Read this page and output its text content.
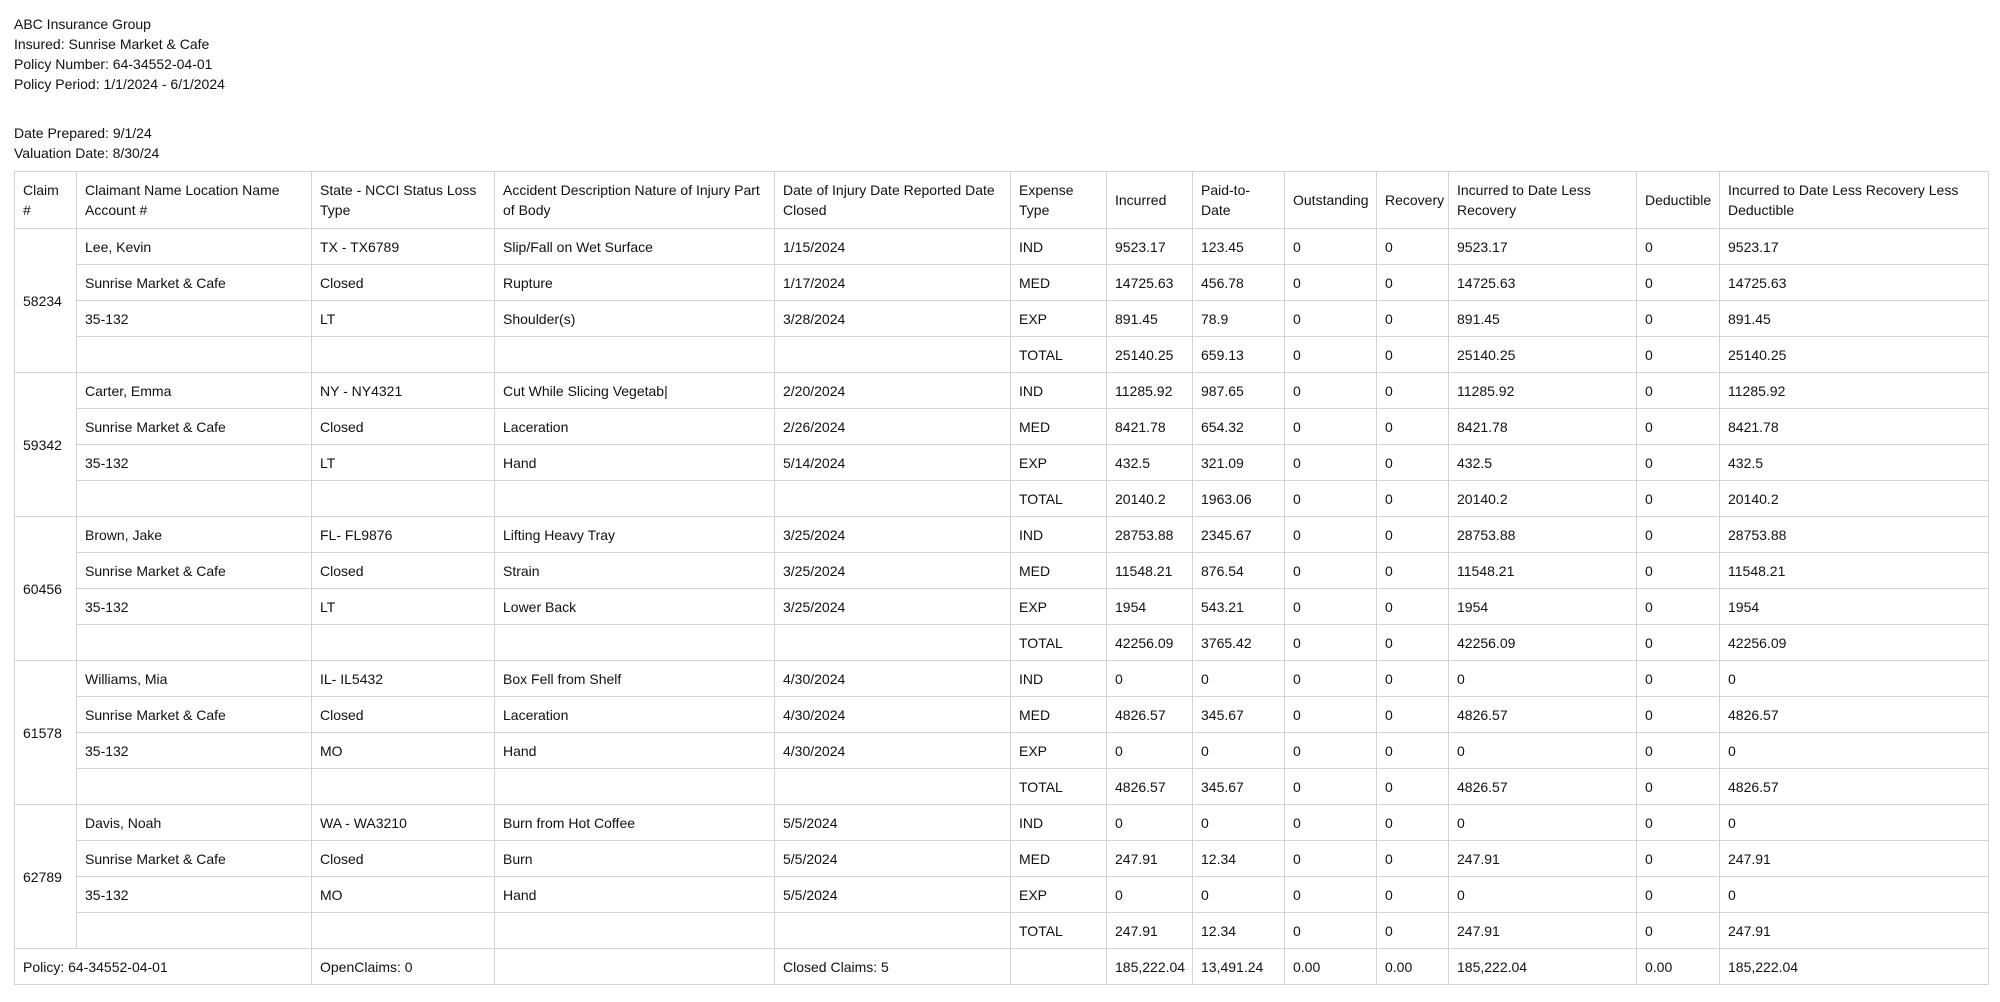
ABC Insurance Group
Insured: Sunrise Market & Cafe
Policy Number: 64-34552-04-01
Policy Period: 1/1/2024 - 6/1/2024
Date Prepared: 9/1/24
Valuation Date: 8/30/24
Claim #	Claimant Name Location Name Account #	State - NCCI Status Loss Type	Accident Description Nature of Injury Part of Body	Date of Injury Date Reported Date Closed	Expense Type	Incurred	Paid-to-Date	Outstanding	Recovery	Incurred to Date Less Recovery	Deductible	Incurred to Date Less Recovery Less Deductible
58234	Lee, Kevin	TX - TX6789	Slip/Fall on Wet Surface	1/15/2024	IND	9523.17	123.45	0	0	9523.17	0	9523.17
	Sunrise Market & Cafe	Closed	Rupture	1/17/2024	MED	14725.63	456.78	0	0	14725.63	0	14725.63
	35-132	LT	Shoulder(s)	3/28/2024	EXP	891.45	78.9	0	0	891.45	0	891.45
					TOTAL	25140.25	659.13	0	0	25140.25	0	25140.25
59342	Carter, Emma	NY - NY4321	Cut While Slicing Vegetab|	2/20/2024	IND	11285.92	987.65	0	0	11285.92	0	11285.92
	Sunrise Market & Cafe	Closed	Laceration	2/26/2024	MED	8421.78	654.32	0	0	8421.78	0	8421.78
	35-132	LT	Hand	5/14/2024	EXP	432.5	321.09	0	0	432.5	0	432.5
					TOTAL	20140.2	1963.06	0	0	20140.2	0	20140.2
60456	Brown, Jake	FL- FL9876	Lifting Heavy Tray	3/25/2024	IND	28753.88	2345.67	0	0	28753.88	0	28753.88
	Sunrise Market & Cafe	Closed	Strain	3/25/2024	MED	11548.21	876.54	0	0	11548.21	0	11548.21
	35-132	LT	Lower Back	3/25/2024	EXP	1954	543.21	0	0	1954	0	1954
					TOTAL	42256.09	3765.42	0	0	42256.09	0	42256.09
61578	Williams, Mia	IL- IL5432	Box Fell from Shelf	4/30/2024	IND	0	0	0	0	0	0	0
	Sunrise Market & Cafe	Closed	Laceration	4/30/2024	MED	4826.57	345.67	0	0	4826.57	0	4826.57
	35-132	MO	Hand	4/30/2024	EXP	0	0	0	0	0	0	0
					TOTAL	4826.57	345.67	0	0	4826.57	0	4826.57
62789	Davis, Noah	WA - WA3210	Burn from Hot Coffee	5/5/2024	IND	0	0	0	0	0	0	0
	Sunrise Market & Cafe	Closed	Burn	5/5/2024	MED	247.91	12.34	0	0	247.91	0	247.91
	35-132	MO	Hand	5/5/2024	EXP	0	0	0	0	0	0	0
					TOTAL	247.91	12.34	0	0	247.91	0	247.91
Policy: 64-34552-04-01		OpenClaims: 0		Closed Claims: 5		185,222.04	13,491.24	0.00	0.00	185,222.04	0.00	185,222.04
